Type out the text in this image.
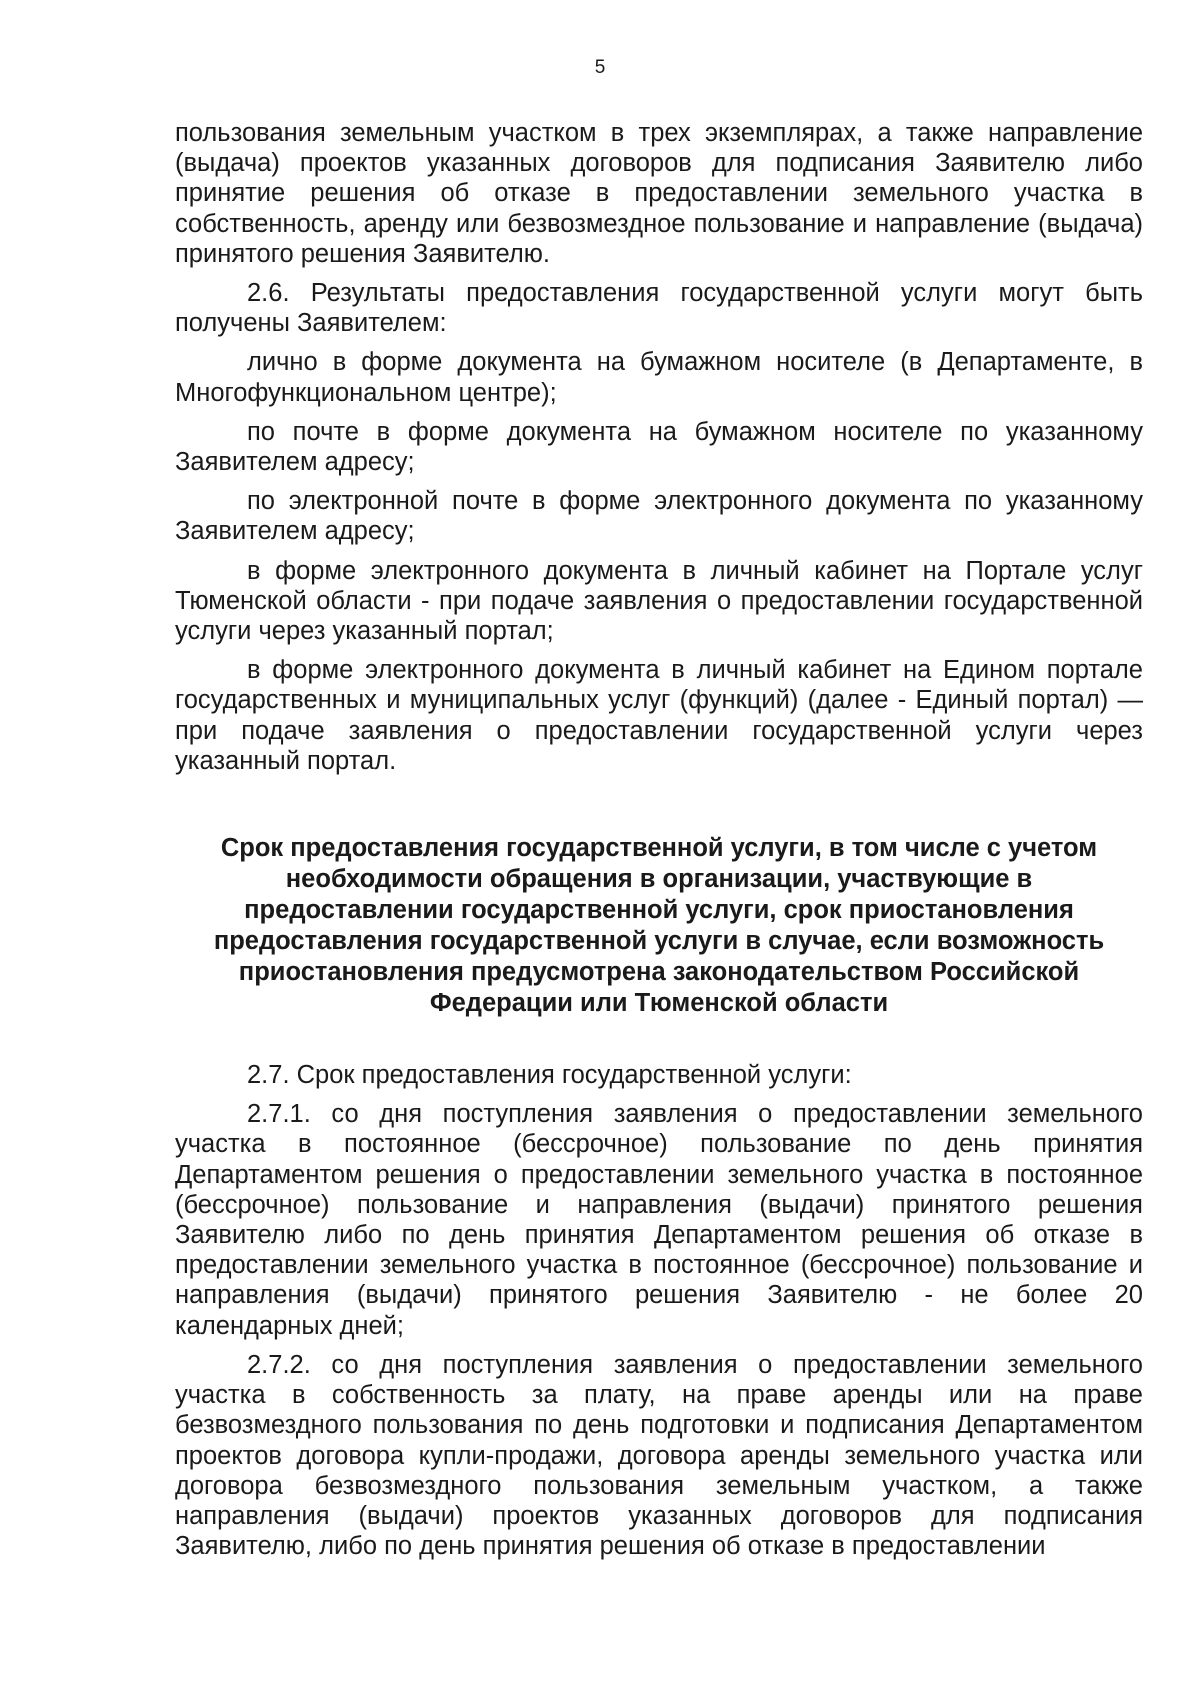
5

пользования земельным участком в трех экземплярах, а также направление (выдача) проектов указанных договоров для подписания Заявителю либо принятие решения об отказе в предоставлении земельного участка в собственность, аренду или безвозмездное пользование и направление (выдача) принятого решения Заявителю.

2.6. Результаты предоставления государственной услуги могут быть получены Заявителем:

лично в форме документа на бумажном носителе (в Департаменте, в Многофункциональном центре);

по почте в форме документа на бумажном носителе по указанному Заявителем адресу;

по электронной почте в форме электронного документа по указанному Заявителем адресу;

в форме электронного документа в личный кабинет на Портале услуг Тюменской области - при подаче заявления о предоставлении государственной услуги через указанный портал;

в форме электронного документа в личный кабинет на Едином портале государственных и муниципальных услуг (функций) (далее - Единый портал) — при подаче заявления о предоставлении государственной услуги через указанный портал.

Срок предоставления государственной услуги, в том числе с учетом необходимости обращения в организации, участвующие в предоставлении государственной услуги, срок приостановления предоставления государственной услуги в случае, если возможность приостановления предусмотрена законодательством Российской Федерации или Тюменской области

2.7. Срок предоставления государственной услуги:

2.7.1. со дня поступления заявления о предоставлении земельного участка в постоянное (бессрочное) пользование по день принятия Департаментом решения о предоставлении земельного участка в постоянное (бессрочное) пользование и направления (выдачи) принятого решения Заявителю либо по день принятия Департаментом решения об отказе в предоставлении земельного участка в постоянное (бессрочное) пользование и направления (выдачи) принятого решения Заявителю - не более 20 календарных дней;

2.7.2. со дня поступления заявления о предоставлении земельного участка в собственность за плату, на праве аренды или на праве безвозмездного пользования по день подготовки и подписания Департаментом проектов договора купли-продажи, договора аренды земельного участка или договора безвозмездного пользования земельным участком, а также направления (выдачи) проектов указанных договоров для подписания Заявителю, либо по день принятия решения об отказе в предоставлении
